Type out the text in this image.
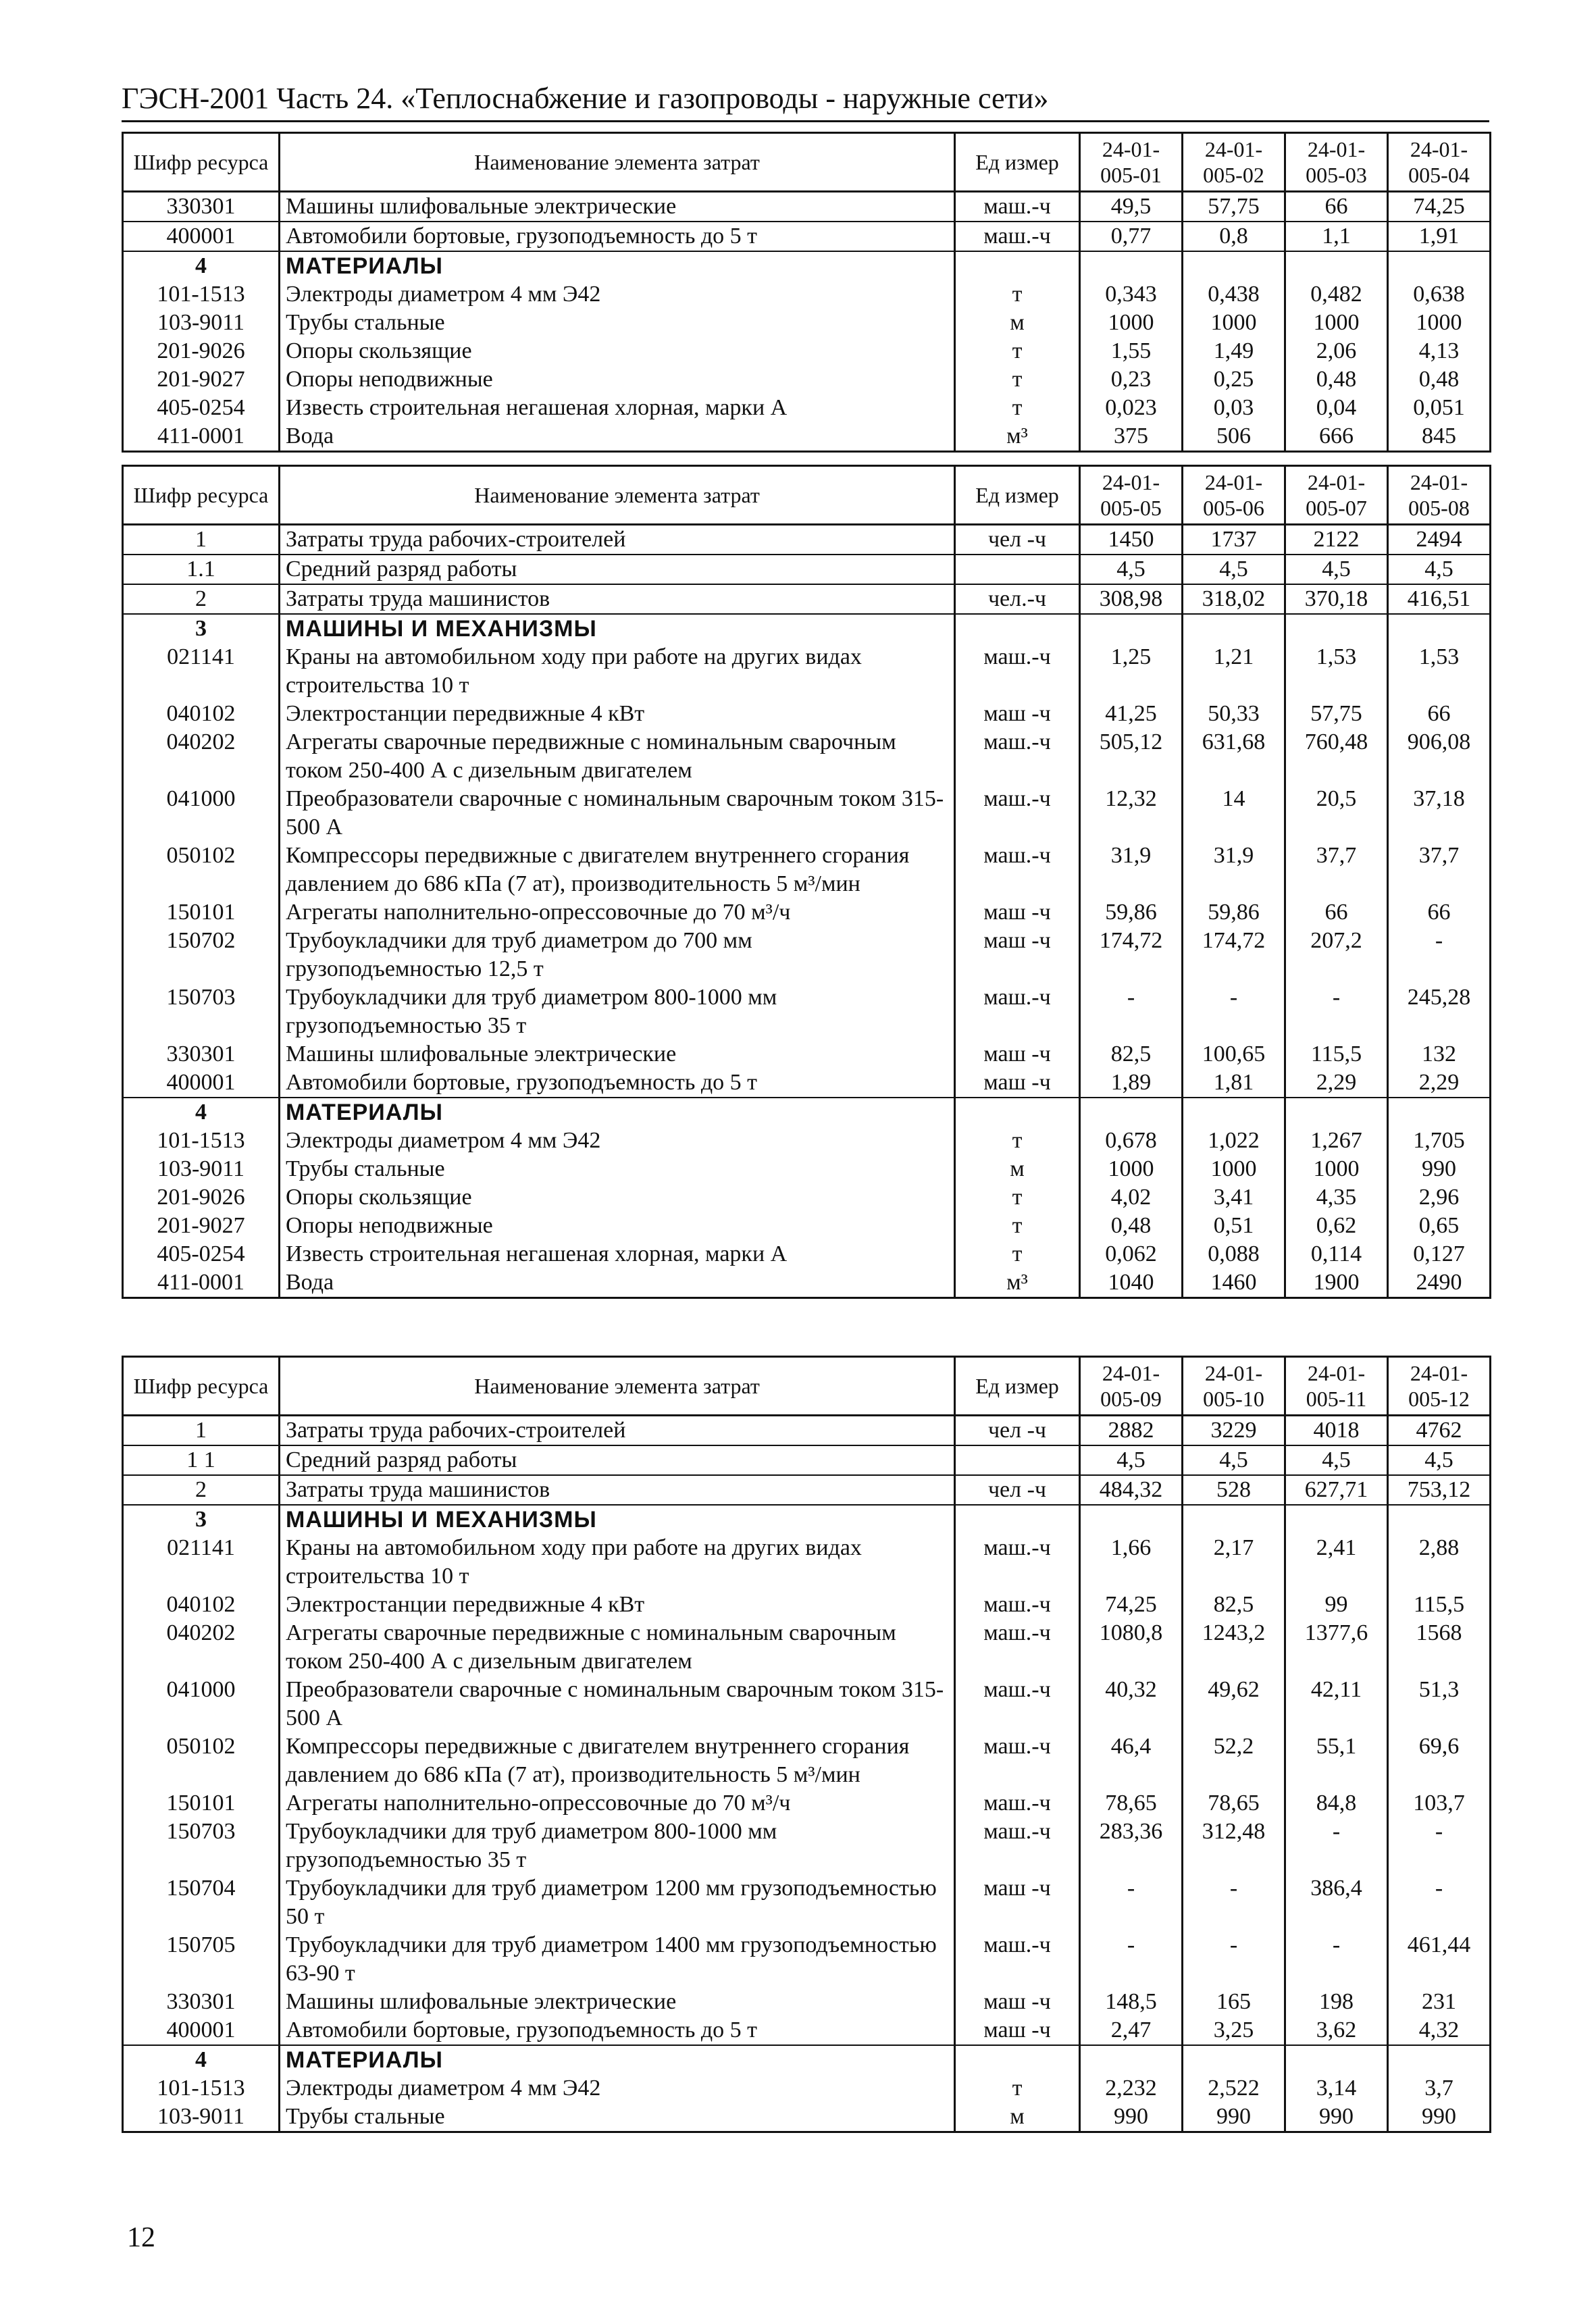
ГЭСН-2001 Часть 24. «Теплоснабжение и газопроводы - наружные сети»
Шифр ресурса	Наименование элемента затрат	Ед измер	24-01-005-01	24-01-005-02	24-01-005-03	24-01-005-04
330301	Машины шлифовальные электрические	маш.-ч	49,5	57,75	66	74,25
400001	Автомобили бортовые, грузоподъемность до 5 т	маш.-ч	0,77	0,8	1,1	1,91
4	МАТЕРИАЛЫ					
101-1513	Электроды диаметром 4 мм Э42	т	0,343	0,438	0,482	0,638
103-9011	Трубы стальные	м	1000	1000	1000	1000
201-9026	Опоры скользящие	т	1,55	1,49	2,06	4,13
201-9027	Опоры неподвижные	т	0,23	0,25	0,48	0,48
405-0254	Известь строительная негашеная хлорная, марки А	т	0,023	0,03	0,04	0,051
411-0001	Вода	м³	375	506	666	845
Шифр ресурса	Наименование элемента затрат	Ед измер	24-01-005-05	24-01-005-06	24-01-005-07	24-01-005-08
1	Затраты труда рабочих-строителей	чел -ч	1450	1737	2122	2494
1.1	Средний разряд работы		4,5	4,5	4,5	4,5
2	Затраты труда машинистов	чел.-ч	308,98	318,02	370,18	416,51
3	МАШИНЫ И МЕХАНИЗМЫ					
021141	Краны на автомобильном ходу при работе на других видах строительства 10 т	маш.-ч	1,25	1,21	1,53	1,53
040102	Электростанции передвижные 4 кВт	маш -ч	41,25	50,33	57,75	66
040202	Агрегаты сварочные передвижные с номинальным сварочным током 250-400 А с дизельным двигателем	маш.-ч	505,12	631,68	760,48	906,08
041000	Преобразователи сварочные с номинальным сварочным током 315-500 А	маш.-ч	12,32	14	20,5	37,18
050102	Компрессоры передвижные с двигателем внутреннего сгорания давлением до 686 кПа (7 ат), производительность 5 м³/мин	маш.-ч	31,9	31,9	37,7	37,7
150101	Агрегаты наполнительно-опрессовочные до 70 м³/ч	маш -ч	59,86	59,86	66	66
150702	Трубоукладчики для труб диаметром до 700 мм грузоподъемностью 12,5 т	маш -ч	174,72	174,72	207,2	-
150703	Трубоукладчики для труб диаметром 800-1000 мм грузоподъемностью 35 т	маш.-ч	-	-	-	245,28
330301	Машины шлифовальные электрические	маш -ч	82,5	100,65	115,5	132
400001	Автомобили бортовые, грузоподъемность до 5 т	маш -ч	1,89	1,81	2,29	2,29
4	МАТЕРИАЛЫ					
101-1513	Электроды диаметром 4 мм Э42	т	0,678	1,022	1,267	1,705
103-9011	Трубы стальные	м	1000	1000	1000	990
201-9026	Опоры скользящие	т	4,02	3,41	4,35	2,96
201-9027	Опоры неподвижные	т	0,48	0,51	0,62	0,65
405-0254	Известь строительная негашеная хлорная, марки А	т	0,062	0,088	0,114	0,127
411-0001	Вода	м³	1040	1460	1900	2490
Шифр ресурса	Наименование элемента затрат	Ед измер	24-01-005-09	24-01-005-10	24-01-005-11	24-01-005-12
1	Затраты труда рабочих-строителей	чел -ч	2882	3229	4018	4762
1 1	Средний разряд работы		4,5	4,5	4,5	4,5
2	Затраты труда машинистов	чел -ч	484,32	528	627,71	753,12
3	МАШИНЫ И МЕХАНИЗМЫ					
021141	Краны на автомобильном ходу при работе на других видах строительства 10 т	маш.-ч	1,66	2,17	2,41	2,88
040102	Электростанции передвижные 4 кВт	маш.-ч	74,25	82,5	99	115,5
040202	Агрегаты сварочные передвижные с номинальным сварочным током 250-400 А с дизельным двигателем	маш.-ч	1080,8	1243,2	1377,6	1568
041000	Преобразователи сварочные с номинальным сварочным током 315-500 А	маш.-ч	40,32	49,62	42,11	51,3
050102	Компрессоры передвижные с двигателем внутреннего сгорания давлением до 686 кПа (7 ат), производительность 5 м³/мин	маш.-ч	46,4	52,2	55,1	69,6
150101	Агрегаты наполнительно-опрессовочные до 70 м³/ч	маш.-ч	78,65	78,65	84,8	103,7
150703	Трубоукладчики для труб диаметром 800-1000 мм грузоподъемностью 35 т	маш.-ч	283,36	312,48	-	-
150704	Трубоукладчики для труб диаметром 1200 мм грузоподъемностью 50 т	маш -ч	-	-	386,4	-
150705	Трубоукладчики для труб диаметром 1400 мм грузоподъемностью 63-90 т	маш.-ч	-	-	-	461,44
330301	Машины шлифовальные электрические	маш -ч	148,5	165	198	231
400001	Автомобили бортовые, грузоподъемность до 5 т	маш -ч	2,47	3,25	3,62	4,32
4	МАТЕРИАЛЫ					
101-1513	Электроды диаметром 4 мм Э42	т	2,232	2,522	3,14	3,7
103-9011	Трубы стальные	м	990	990	990	990
12
